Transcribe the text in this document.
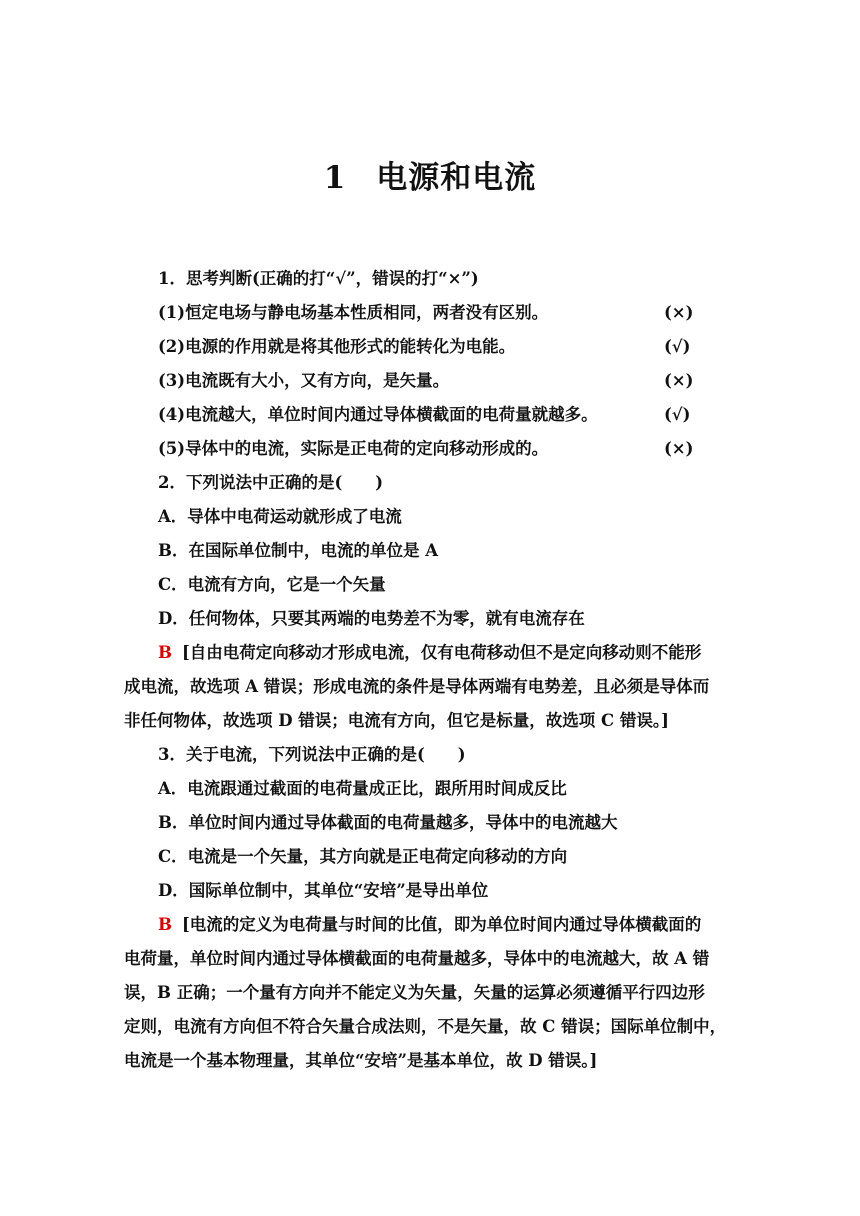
1 电源和电流
1．思考判断(正确的打“√”，错误的打“×”)
(1)恒定电场与静电场基本性质相同，两者没有区别。	(×)
(2)电源的作用就是将其他形式的能转化为电能。	(√)
(3)电流既有大小，又有方向，是矢量。	(×)
(4)电流越大，单位时间内通过导体横截面的电荷量就越多。	(√)
(5)导体中的电流，实际是正电荷的定向移动形成的。	(×)
2．下列说法中正确的是(　　)
A．导体中电荷运动就形成了电流
B．在国际单位制中，电流的单位是 A
C．电流有方向，它是一个矢量
D．任何物体，只要其两端的电势差不为零，就有电流存在
B [自由电荷定向移动才形成电流，仅有电荷移动但不是定向移动则不能形
成电流，故选项 A 错误；形成电流的条件是导体两端有电势差，且必须是导体而
非任何物体，故选项 D 错误；电流有方向，但它是标量，故选项 C 错误。]
3．关于电流，下列说法中正确的是(　　)
A．电流跟通过截面的电荷量成正比，跟所用时间成反比
B．单位时间内通过导体截面的电荷量越多，导体中的电流越大
C．电流是一个矢量，其方向就是正电荷定向移动的方向
D．国际单位制中，其单位“安培”是导出单位
B [电流的定义为电荷量与时间的比值，即为单位时间内通过导体横截面的
电荷量，单位时间内通过导体横截面的电荷量越多，导体中的电流越大，故 A 错
误，B 正确；一个量有方向并不能定义为矢量，矢量的运算必须遵循平行四边形
定则，电流有方向但不符合矢量合成法则，不是矢量，故 C 错误；国际单位制中，
电流是一个基本物理量，其单位“安培”是基本单位，故 D 错误。]
